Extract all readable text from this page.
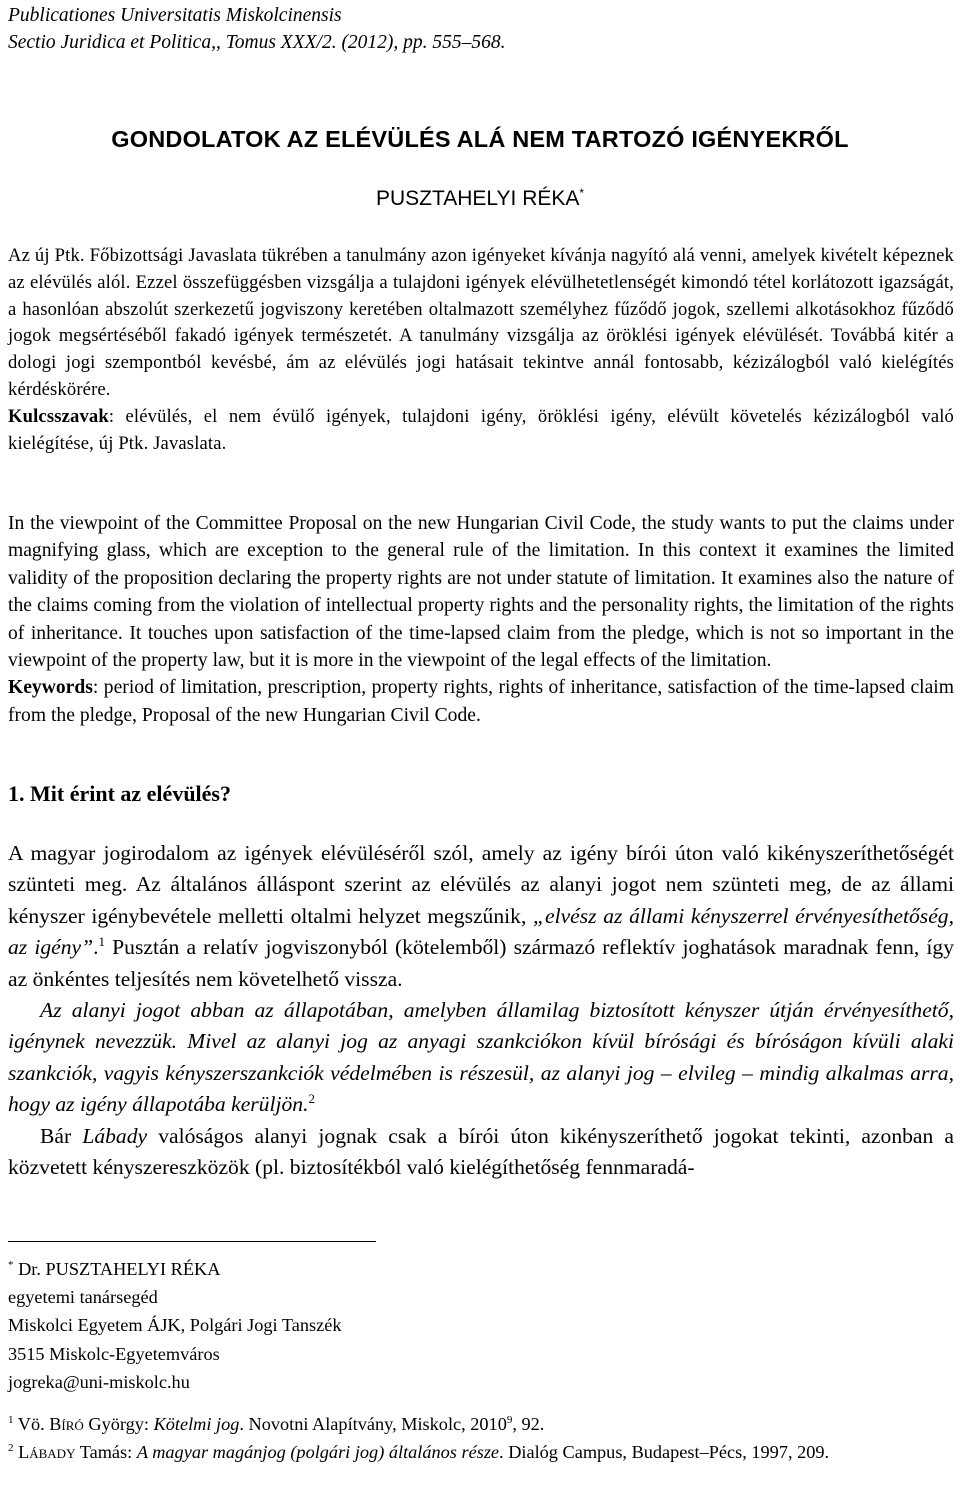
Publicationes Universitatis Miskolcinensis
Sectio Juridica et Politica,, Tomus XXX/2. (2012), pp. 555–568.
GONDOLATOK AZ ELÉVÜLÉS ALÁ NEM TARTOZÓ IGÉNYEKRŐL
PUSZTAHELYI RÉKA*
Az új Ptk. Főbizottsági Javaslata tükrében a tanulmány azon igényeket kívánja nagyító alá venni, amelyek kivételt képeznek az elévülés alól. Ezzel összefüggésben vizsgálja a tulajdoni igények elévülhetetlenségét kimondó tétel korlátozott igazságát, a hasonlóan abszolút szerkezetű jogviszony keretében oltalmazott személyhez fűződő jogok, szellemi alkotásokhoz fűződő jogok megsértéséből fakadó igények természetét. A tanulmány vizsgálja az öröklési igények elévülését. Továbbá kitér a dologi jogi szempontból kevésbé, ám az elévülés jogi hatásait tekintve annál fontosabb, kézizálogból való kielégítés kérdéskörére.
Kulcsszavak: elévülés, el nem évülő igények, tulajdoni igény, öröklési igény, elévült követelés kézizálogból való kielégítése, új Ptk. Javaslata.
In the viewpoint of the Committee Proposal on the new Hungarian Civil Code, the study wants to put the claims under magnifying glass, which are exception to the general rule of the limitation. In this context it examines the limited validity of the proposition declaring the property rights are not under statute of limitation. It examines also the nature of the claims coming from the violation of intellectual property rights and the personality rights, the limitation of the rights of inheritance. It touches upon satisfaction of the time-lapsed claim from the pledge, which is not so important in the viewpoint of the property law, but it is more in the viewpoint of the legal effects of the limitation.
Keywords: period of limitation, prescription, property rights, rights of inheritance, satisfaction of the time-lapsed claim from the pledge, Proposal of the new Hungarian Civil Code.
1. Mit érint az elévülés?

A magyar jogirodalom az igények elévüléséről szól, amely az igény bírói úton való kikényszeríthetőségét szünteti meg. Az általános álláspont szerint az elévülés az alanyi jogot nem szünteti meg, de az állami kényszer igénybevétele melletti oltalmi helyzet megszűnik, „elvész az állami kényszerrel érvényesíthetőség, az igény”.$^1$ Pusztán a relatív jogviszonyból (kötelemből) származó reflektív joghatások maradnak fenn, így az önkéntes teljesítés nem követelhető vissza.

Az alanyi jogot abban az állapotában, amelyben államilag biztosított kényszer útján érvényesíthető, igénynek nevezzük. Mivel az alanyi jog az anyagi szankciókon kívül bírósági és bíróságon kívüli alaki szankciók, vagyis kényszerszankciók védelmében is részesül, az alanyi jog – elvileg – mindig alkalmas arra, hogy az igény állapotába kerüljön.$^2$

Bár Lábady valóságos alanyi jognak csak a bírói úton kikényszeríthető jogokat tekinti, azonban a közvetett kényszereszközök (pl. biztosítékból való kielégíthetőség fennmaradá-

* Dr. PUSZTAHELYI RÉKA
egyetemi tanársegéd
Miskolci Egyetem ÁJK, Polgári Jogi Tanszék
3515 Miskolc-Egyetemváros
jogreka@uni-miskolc.hu
$^1$ Vö. Bíró György: Kötelmi jog. Novotni Alapítvány, Miskolc, 2010$^9$, 92.
$^2$ Lábady Tamás: A magyar magánjog (polgári jog) általános része. Dialóg Campus, Budapest–Pécs, 1997, 209.
